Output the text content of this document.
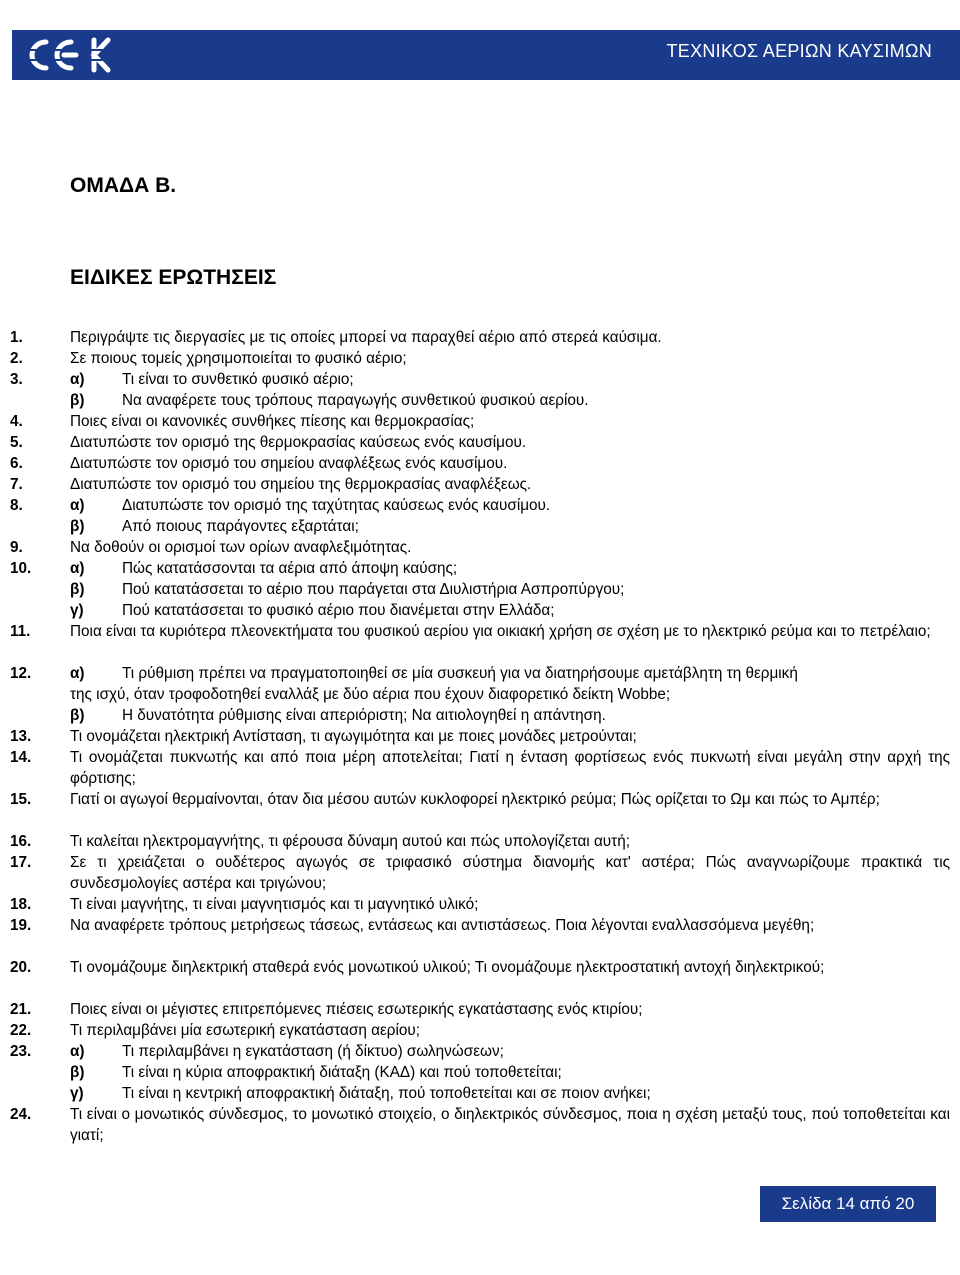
ΤΕΧΝΙΚΟΣ ΑΕΡΙΩΝ ΚΑΥΣΙΜΩΝ
ΟΜΑΔΑ Β.
ΕΙΔΙΚΕΣ ΕΡΩΤΗΣΕΙΣ
1.	Περιγράψτε τις διεργασίες με τις οποίες μπορεί να παραχθεί αέριο από στερεά καύσιμα.
2.	Σε ποιους τομείς χρησιμοποιείται το φυσικό αέριο;
3.	α)	Τι είναι το συνθετικό φυσικό αέριο;
β)	Να αναφέρετε τους τρόπους παραγωγής συνθετικού φυσικού αερίου.
4.	Ποιες είναι οι κανονικές συνθήκες πίεσης και θερμοκρασίας;
5.	Διατυπώστε τον ορισμό της θερμοκρασίας καύσεως ενός καυσίμου.
6.	Διατυπώστε τον ορισμό του σημείου αναφλέξεως ενός καυσίμου.
7.	Διατυπώστε τον ορισμό του σημείου της θερμοκρασίας αναφλέξεως.
8.	α)	Διατυπώστε τον ορισμό της ταχύτητας καύσεως ενός καυσίμου.
β)	Από ποιους παράγοντες εξαρτάται;
9.	Να δοθούν οι ορισμοί των ορίων αναφλεξιμότητας.
10.	α)	Πώς κατατάσσονται τα αέρια από άποψη καύσης;
β)	Πού κατατάσσεται το αέριο που παράγεται στα Διυλιστήρια Ασπροπύργου;
γ)	Πού κατατάσσεται το φυσικό αέριο που διανέμεται στην Ελλάδα;
11.	Ποια είναι τα κυριότερα πλεονεκτήματα του φυσικού αερίου για οικιακή χρήση σε σχέση με το ηλεκτρικό ρεύμα και το πετρέλαιο;
12.	α)	Τι ρύθμιση πρέπει να πραγματοποιηθεί σε μία συσκευή για να διατηρήσουμε αμετάβλητη τη θερμική
της ισχύ, όταν τροφοδοτηθεί εναλλάξ με δύο αέρια που έχουν διαφορετικό δείκτη Wobbe;
β)	Η δυνατότητα ρύθμισης είναι απεριόριστη; Να αιτιολογηθεί η απάντηση.
13.	Τι ονομάζεται ηλεκτρική Αντίσταση, τι αγωγιμότητα και με ποιες μονάδες μετρούνται;
14.	Τι ονομάζεται πυκνωτής και από ποια μέρη αποτελείται; Γιατί η ένταση φορτίσεως ενός πυκνωτή είναι μεγάλη στην αρχή της φόρτισης;
15.	Γιατί οι αγωγοί θερμαίνονται, όταν δια μέσου αυτών κυκλοφορεί ηλεκτρικό ρεύμα; Πώς ορίζεται το Ωμ και πώς το Αμπέρ;
16.	Τι καλείται ηλεκτρομαγνήτης, τι φέρουσα δύναμη αυτού και πώς υπολογίζεται αυτή;
17.	Σε τι χρειάζεται ο ουδέτερος αγωγός σε τριφασικό σύστημα διανομής κατ' αστέρα; Πώς αναγνωρίζουμε πρακτικά τις συνδεσμολογίες αστέρα και τριγώνου;
18.	Τι είναι μαγνήτης, τι είναι μαγνητισμός και τι μαγνητικό υλικό;
19.	Να αναφέρετε τρόπους μετρήσεως τάσεως, εντάσεως και αντιστάσεως. Ποια λέγονται εναλλασσόμενα μεγέθη;
20.	Τι ονομάζουμε διηλεκτρική σταθερά ενός μονωτικού υλικού; Τι ονομάζουμε ηλεκτροστατική αντοχή διηλεκτρικού;
21.	Ποιες είναι οι μέγιστες επιτρεπόμενες πιέσεις εσωτερικής εγκατάστασης ενός κτιρίου;
22.	Τι περιλαμβάνει μία εσωτερική εγκατάσταση αερίου;
23.	α)	Τι περιλαμβάνει η εγκατάσταση (ή δίκτυο) σωληνώσεων;
β)	Τι είναι η κύρια αποφρακτική διάταξη (ΚΑΔ) και πού τοποθετείται;
γ)	Τι είναι η κεντρική αποφρακτική διάταξη, πού τοποθετείται και σε ποιον ανήκει;
24.	Τι είναι ο μονωτικός σύνδεσμος, το μονωτικό στοιχείο, ο διηλεκτρικός σύνδεσμος, ποια η σχέση μεταξύ τους, πού τοποθετείται και γιατί;
Σελίδα 14 από 20
